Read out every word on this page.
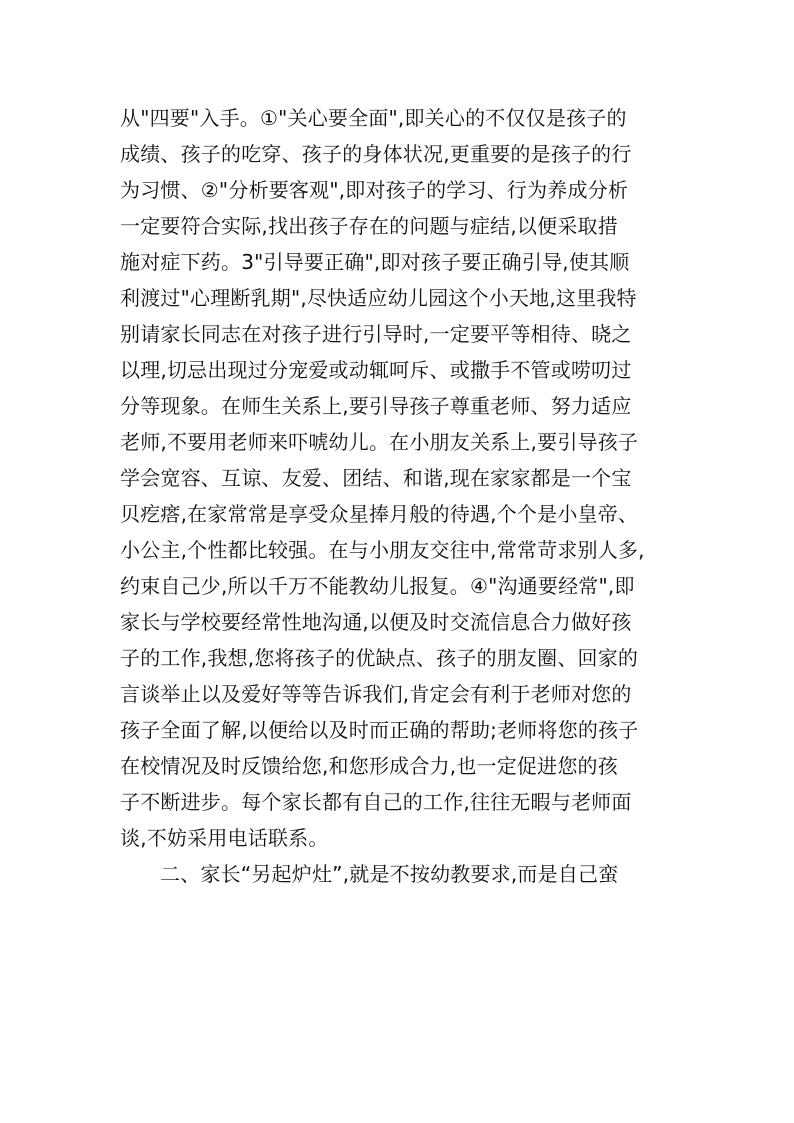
从"四要"入手。①"关心要全面",即关心的不仅仅是孩子的
成绩、孩子的吃穿、孩子的身体状况,更重要的是孩子的行
为习惯、②"分析要客观",即对孩子的学习、行为养成分析
一定要符合实际,找出孩子存在的问题与症结,以便采取措
施对症下药。3"引导要正确",即对孩子要正确引导,使其顺
利渡过"心理断乳期",尽快适应幼儿园这个小天地,这里我特
别请家长同志在对孩子进行引导时,一定要平等相待、晓之
以理,切忌出现过分宠爱或动辄呵斥、或撒手不管或唠叨过
分等现象。在师生关系上,要引导孩子尊重老师、努力适应
老师,不要用老师来吓唬幼儿。在小朋友关系上,要引导孩子
学会宽容、互谅、友爱、团结、和谐,现在家家都是一个宝
贝疙瘩,在家常常是享受众星捧月般的待遇,个个是小皇帝、
小公主,个性都比较强。在与小朋友交往中,常常苛求别人多,
约束自己少,所以千万不能教幼儿报复。④"沟通要经常",即
家长与学校要经常性地沟通,以便及时交流信息合力做好孩
子的工作,我想,您将孩子的优缺点、孩子的朋友圈、回家的
言谈举止以及爱好等等告诉我们,肯定会有利于老师对您的
孩子全面了解,以便给以及时而正确的帮助;老师将您的孩子
在校情况及时反馈给您,和您形成合力,也一定促进您的孩
子不断进步。每个家长都有自己的工作,往往无暇与老师面
谈,不妨采用电话联系。
二、家长“另起炉灶”,就是不按幼教要求,而是自己蛮
